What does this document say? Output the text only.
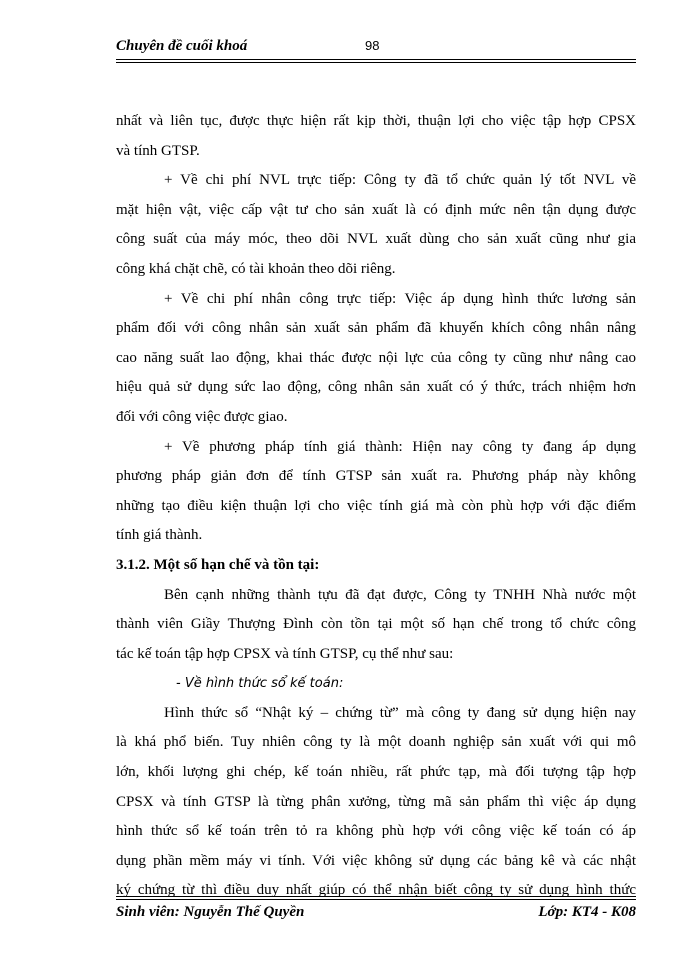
Chuyên đề cuối khoá	98
nhất và liên tục, được thực hiện rất kịp thời, thuận lợi cho việc tập hợp CPSX
và tính GTSP.
+ Về chi phí NVL trực tiếp: Công ty đã tổ chức quản lý tốt NVL về
mặt hiện vật, việc cấp vật tư cho sản xuất là có định mức nên tận dụng được
công suất của máy móc, theo dõi NVL xuất dùng cho sản xuất cũng như gia
công khá chặt chẽ, có tài khoản theo dõi riêng.
+ Về chi phí nhân công trực tiếp: Việc áp dụng hình thức lương sản
phẩm đối với công nhân sản xuất sản phẩm đã khuyến khích công nhân nâng
cao năng suất lao động, khai thác được nội lực của công ty cũng như nâng cao
hiệu quả sử dụng sức lao động, công nhân sản xuất có ý thức, trách nhiệm hơn
đối với công việc được giao.
+ Về phương pháp tính giá thành: Hiện nay công ty đang áp dụng
phương pháp giản đơn để tính GTSP sản xuất ra. Phương pháp này không
những tạo điều kiện thuận lợi cho việc tính giá mà còn phù hợp với đặc điểm
tính giá thành.
3.1.2. Một số hạn chế và tồn tại:
Bên cạnh những thành tựu đã đạt được, Công ty TNHH Nhà nước một
thành viên Giầy Thượng Đình còn tồn tại một số hạn chế trong tổ chức công
tác kế toán tập hợp CPSX và tính GTSP, cụ thể như sau:
- Về hình thức sổ kế toán:
Hình thức sổ “Nhật ký – chứng từ” mà công ty đang sử dụng hiện nay
là khá phổ biến. Tuy nhiên công ty là một doanh nghiệp sản xuất với qui mô
lớn, khối lượng ghi chép, kế toán nhiều, rất phức tạp, mà đối tượng tập hợp
CPSX và tính GTSP là từng phân xưởng, từng mã sản phẩm thì việc áp dụng
hình thức sổ kế toán trên tỏ ra không phù hợp với công việc kế toán có áp
dụng phần mềm máy vi tính. Với việc không sử dụng các bảng kê và các nhật
ký chứng từ thì điều duy nhất giúp có thể nhận biết công ty sử dụng hình thức
Sinh viên: Nguyễn Thế Quyền	Lớp: KT4 - K08
